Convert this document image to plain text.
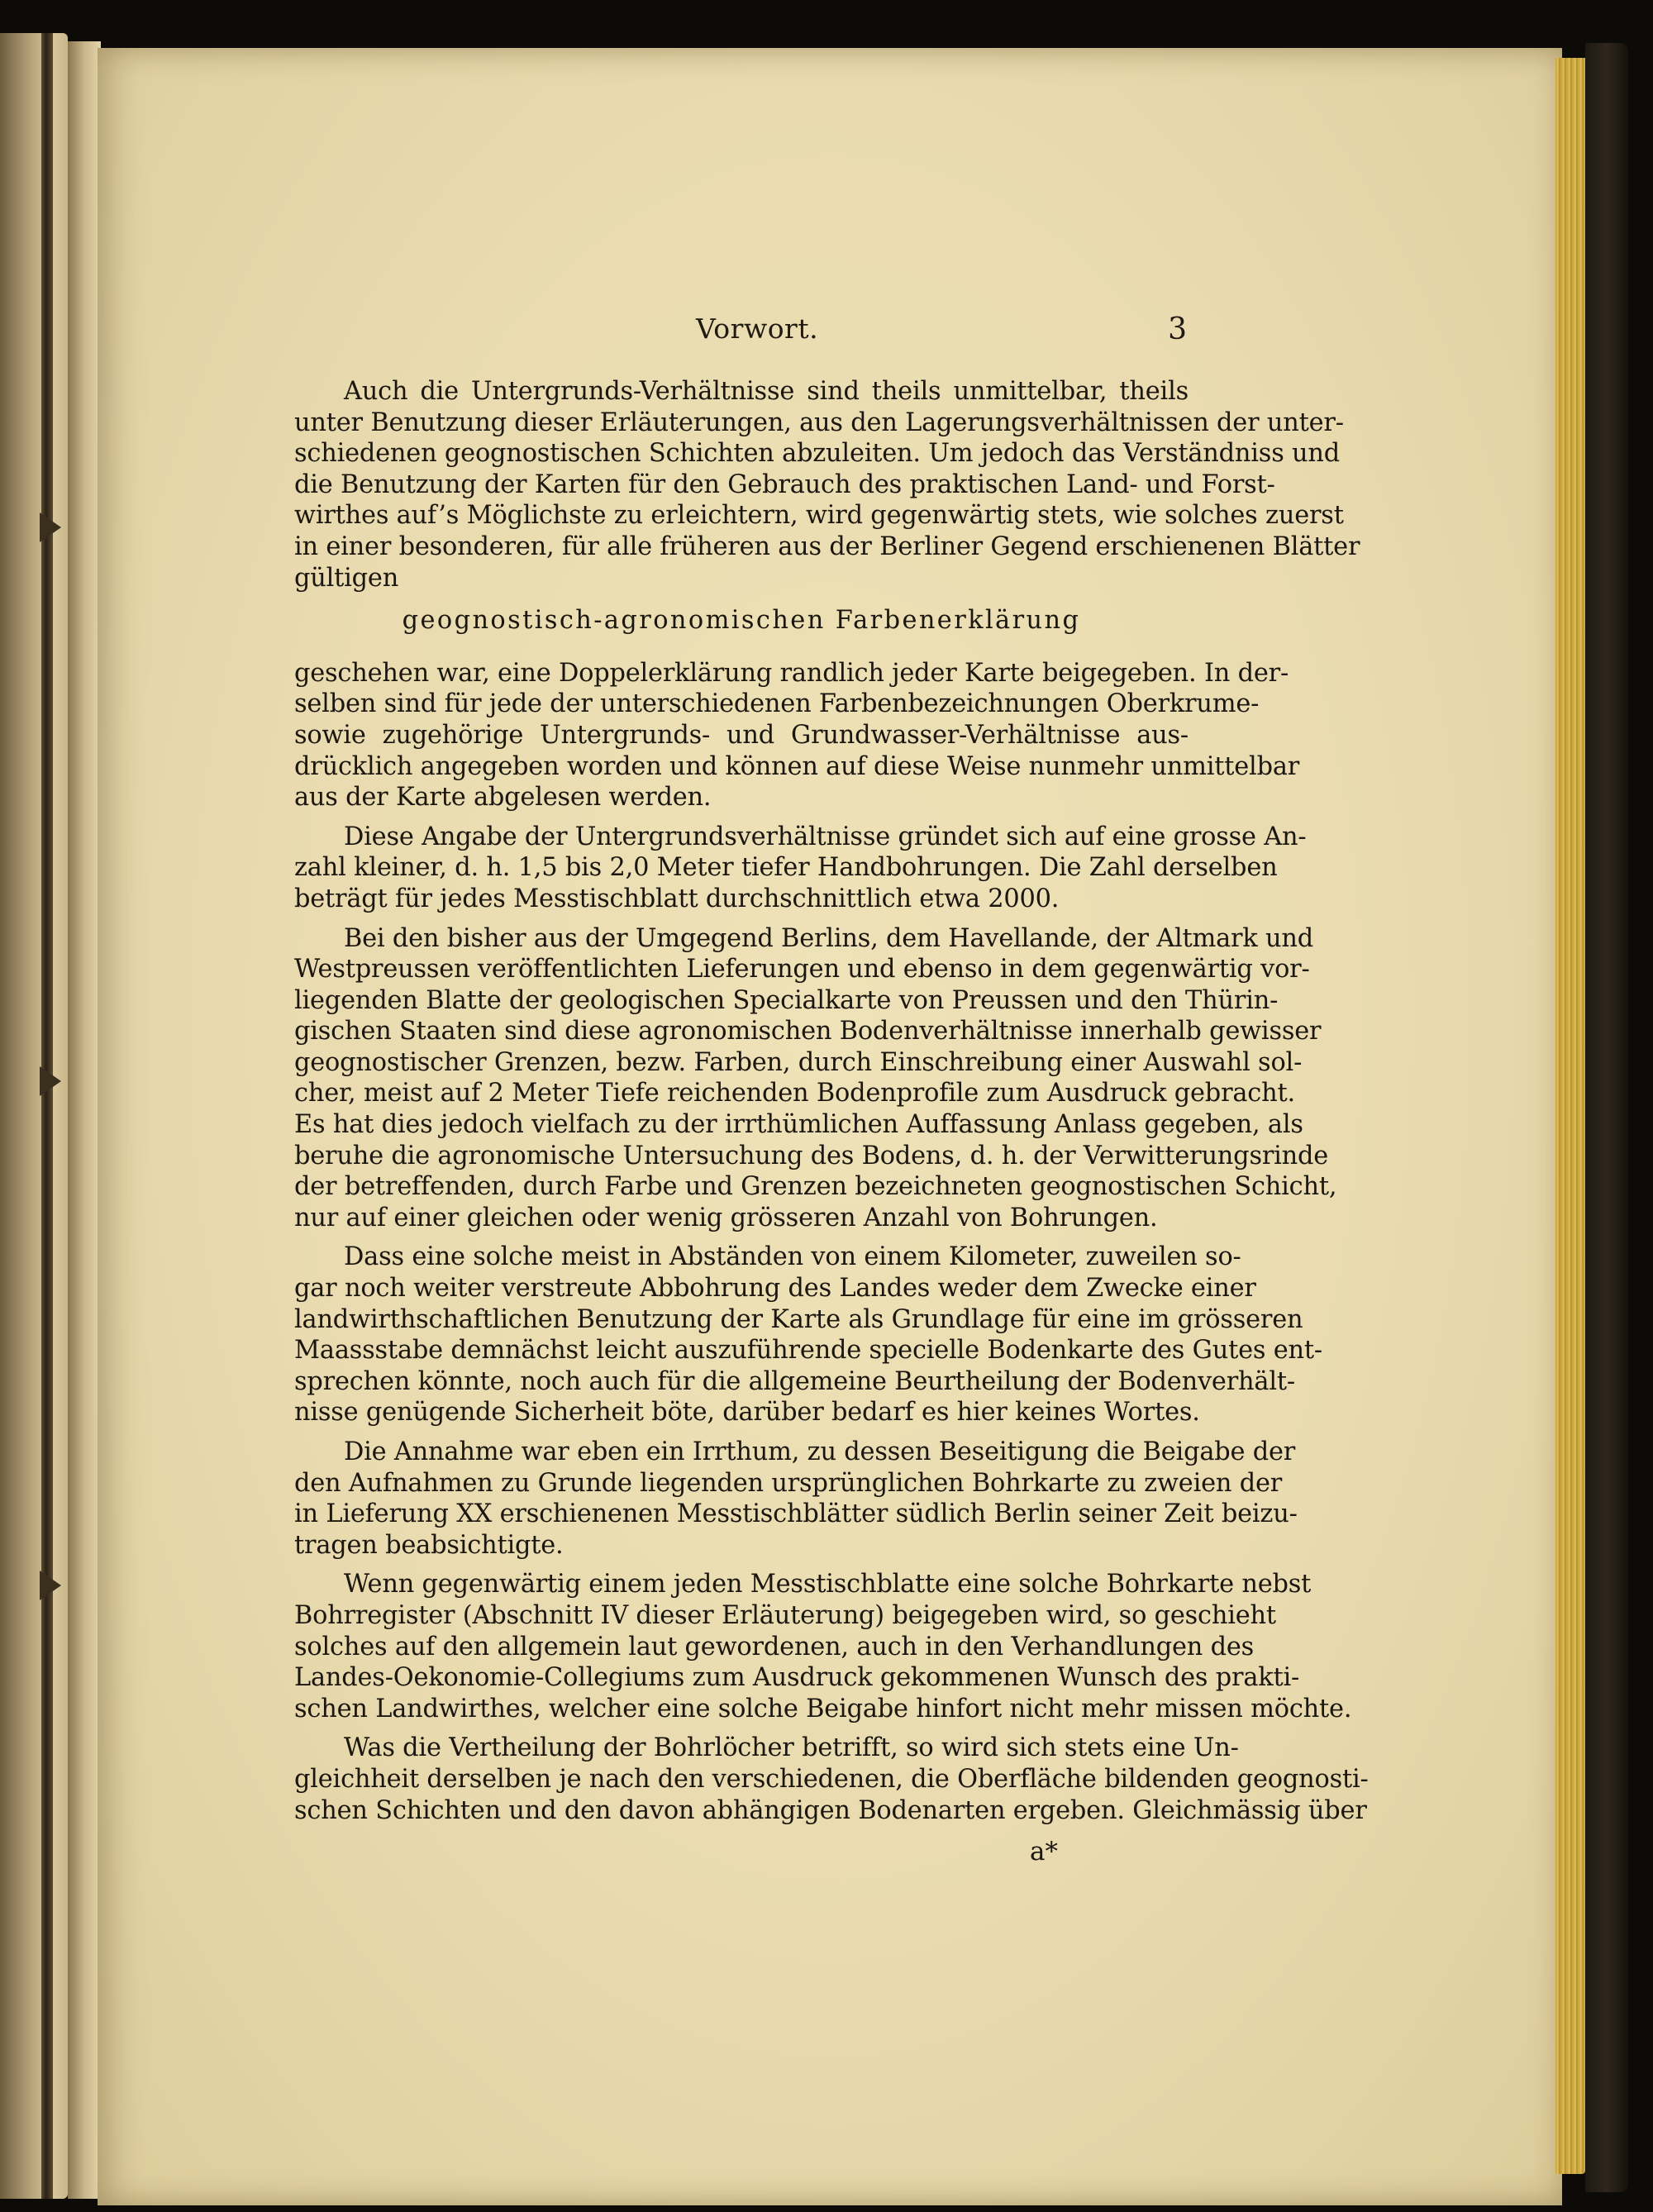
Vorwort.	3
Auch die Untergrunds-Verhältnisse sind theils unmittelbar, theils
unter Benutzung dieser Erläuterungen, aus den Lagerungsverhältnissen der unter-
schiedenen geognostischen Schichten abzuleiten. Um jedoch das Verständniss und
die Benutzung der Karten für den Gebrauch des praktischen Land- und Forst-
wirthes auf’s Möglichste zu erleichtern, wird gegenwärtig stets, wie solches zuerst
in einer besonderen, für alle früheren aus der Berliner Gegend erschienenen Blätter
gültigen
geognostisch-agronomischen Farbenerklärung
geschehen war, eine Doppelerklärung randlich jeder Karte beigegeben. In der-
selben sind für jede der unterschiedenen Farbenbezeichnungen Oberkrume-
sowie zugehörige Untergrunds- und Grundwasser-Verhältnisse aus-
drücklich angegeben worden und können auf diese Weise nunmehr unmittelbar
aus der Karte abgelesen werden.
Diese Angabe der Untergrundsverhältnisse gründet sich auf eine grosse An-
zahl kleiner, d. h. 1,5 bis 2,0 Meter tiefer Handbohrungen. Die Zahl derselben
beträgt für jedes Messtischblatt durchschnittlich etwa 2000.
Bei den bisher aus der Umgegend Berlins, dem Havellande, der Altmark und
Westpreussen veröffentlichten Lieferungen und ebenso in dem gegenwärtig vor-
liegenden Blatte der geologischen Specialkarte von Preussen und den Thürin-
gischen Staaten sind diese agronomischen Bodenverhältnisse innerhalb gewisser
geognostischer Grenzen, bezw. Farben, durch Einschreibung einer Auswahl sol-
cher, meist auf 2 Meter Tiefe reichenden Bodenprofile zum Ausdruck gebracht.
Es hat dies jedoch vielfach zu der irrthümlichen Auffassung Anlass gegeben, als
beruhe die agronomische Untersuchung des Bodens, d. h. der Verwitterungsrinde
der betreffenden, durch Farbe und Grenzen bezeichneten geognostischen Schicht,
nur auf einer gleichen oder wenig grösseren Anzahl von Bohrungen.
Dass eine solche meist in Abständen von einem Kilometer, zuweilen so-
gar noch weiter verstreute Abbohrung des Landes weder dem Zwecke einer
landwirthschaftlichen Benutzung der Karte als Grundlage für eine im grösseren
Maassstabe demnächst leicht auszuführende specielle Bodenkarte des Gutes ent-
sprechen könnte, noch auch für die allgemeine Beurtheilung der Bodenverhält-
nisse genügende Sicherheit böte, darüber bedarf es hier keines Wortes.
Die Annahme war eben ein Irrthum, zu dessen Beseitigung die Beigabe der
den Aufnahmen zu Grunde liegenden ursprünglichen Bohrkarte zu zweien der
in Lieferung XX erschienenen Messtischblätter südlich Berlin seiner Zeit beizu-
tragen beabsichtigte.
Wenn gegenwärtig einem jeden Messtischblatte eine solche Bohrkarte nebst
Bohrregister (Abschnitt IV dieser Erläuterung) beigegeben wird, so geschieht
solches auf den allgemein laut gewordenen, auch in den Verhandlungen des
Landes-Oekonomie-Collegiums zum Ausdruck gekommenen Wunsch des prakti-
schen Landwirthes, welcher eine solche Beigabe hinfort nicht mehr missen möchte.
Was die Vertheilung der Bohrlöcher betrifft, so wird sich stets eine Un-
gleichheit derselben je nach den verschiedenen, die Oberfläche bildenden geognosti-
schen Schichten und den davon abhängigen Bodenarten ergeben. Gleichmässig über
a*
